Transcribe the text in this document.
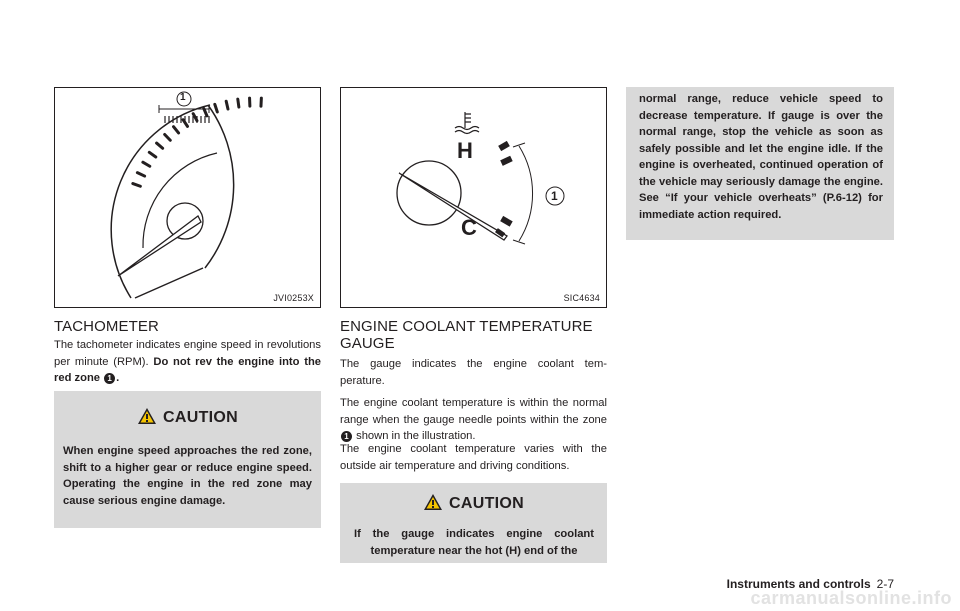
1
JVI0253X
H
C
1
SIC4634
TACHOMETER

The tachometer indicates engine speed in revolutions per minute (RPM). Do not rev the engine into the red zone 1 .

CAUTION

When engine speed approaches the red zone, shift to a higher gear or reduce engine speed. Operating the engine in the red zone may cause serious engine damage.

ENGINE COOLANT TEMPERATURE GAUGE

The gauge indicates the engine coolant tem- perature.

The engine coolant temperature is within the normal range when the gauge needle points within the zone 1 shown in the illustration.

The engine coolant temperature varies with the outside air temperature and driving conditions.

CAUTION

If the gauge indicates engine coolant temperature near the hot (H) end of the

normal range, reduce vehicle speed to decrease temperature. If gauge is over the normal range, stop the vehicle as soon as safely possible and let the engine idle. If the engine is overheated, continued operation of the vehicle may seriously damage the engine. See “If your vehicle overheats” (P.6-12) for immediate action required.

Instruments and controls 2-7
carmanualsonline.info
